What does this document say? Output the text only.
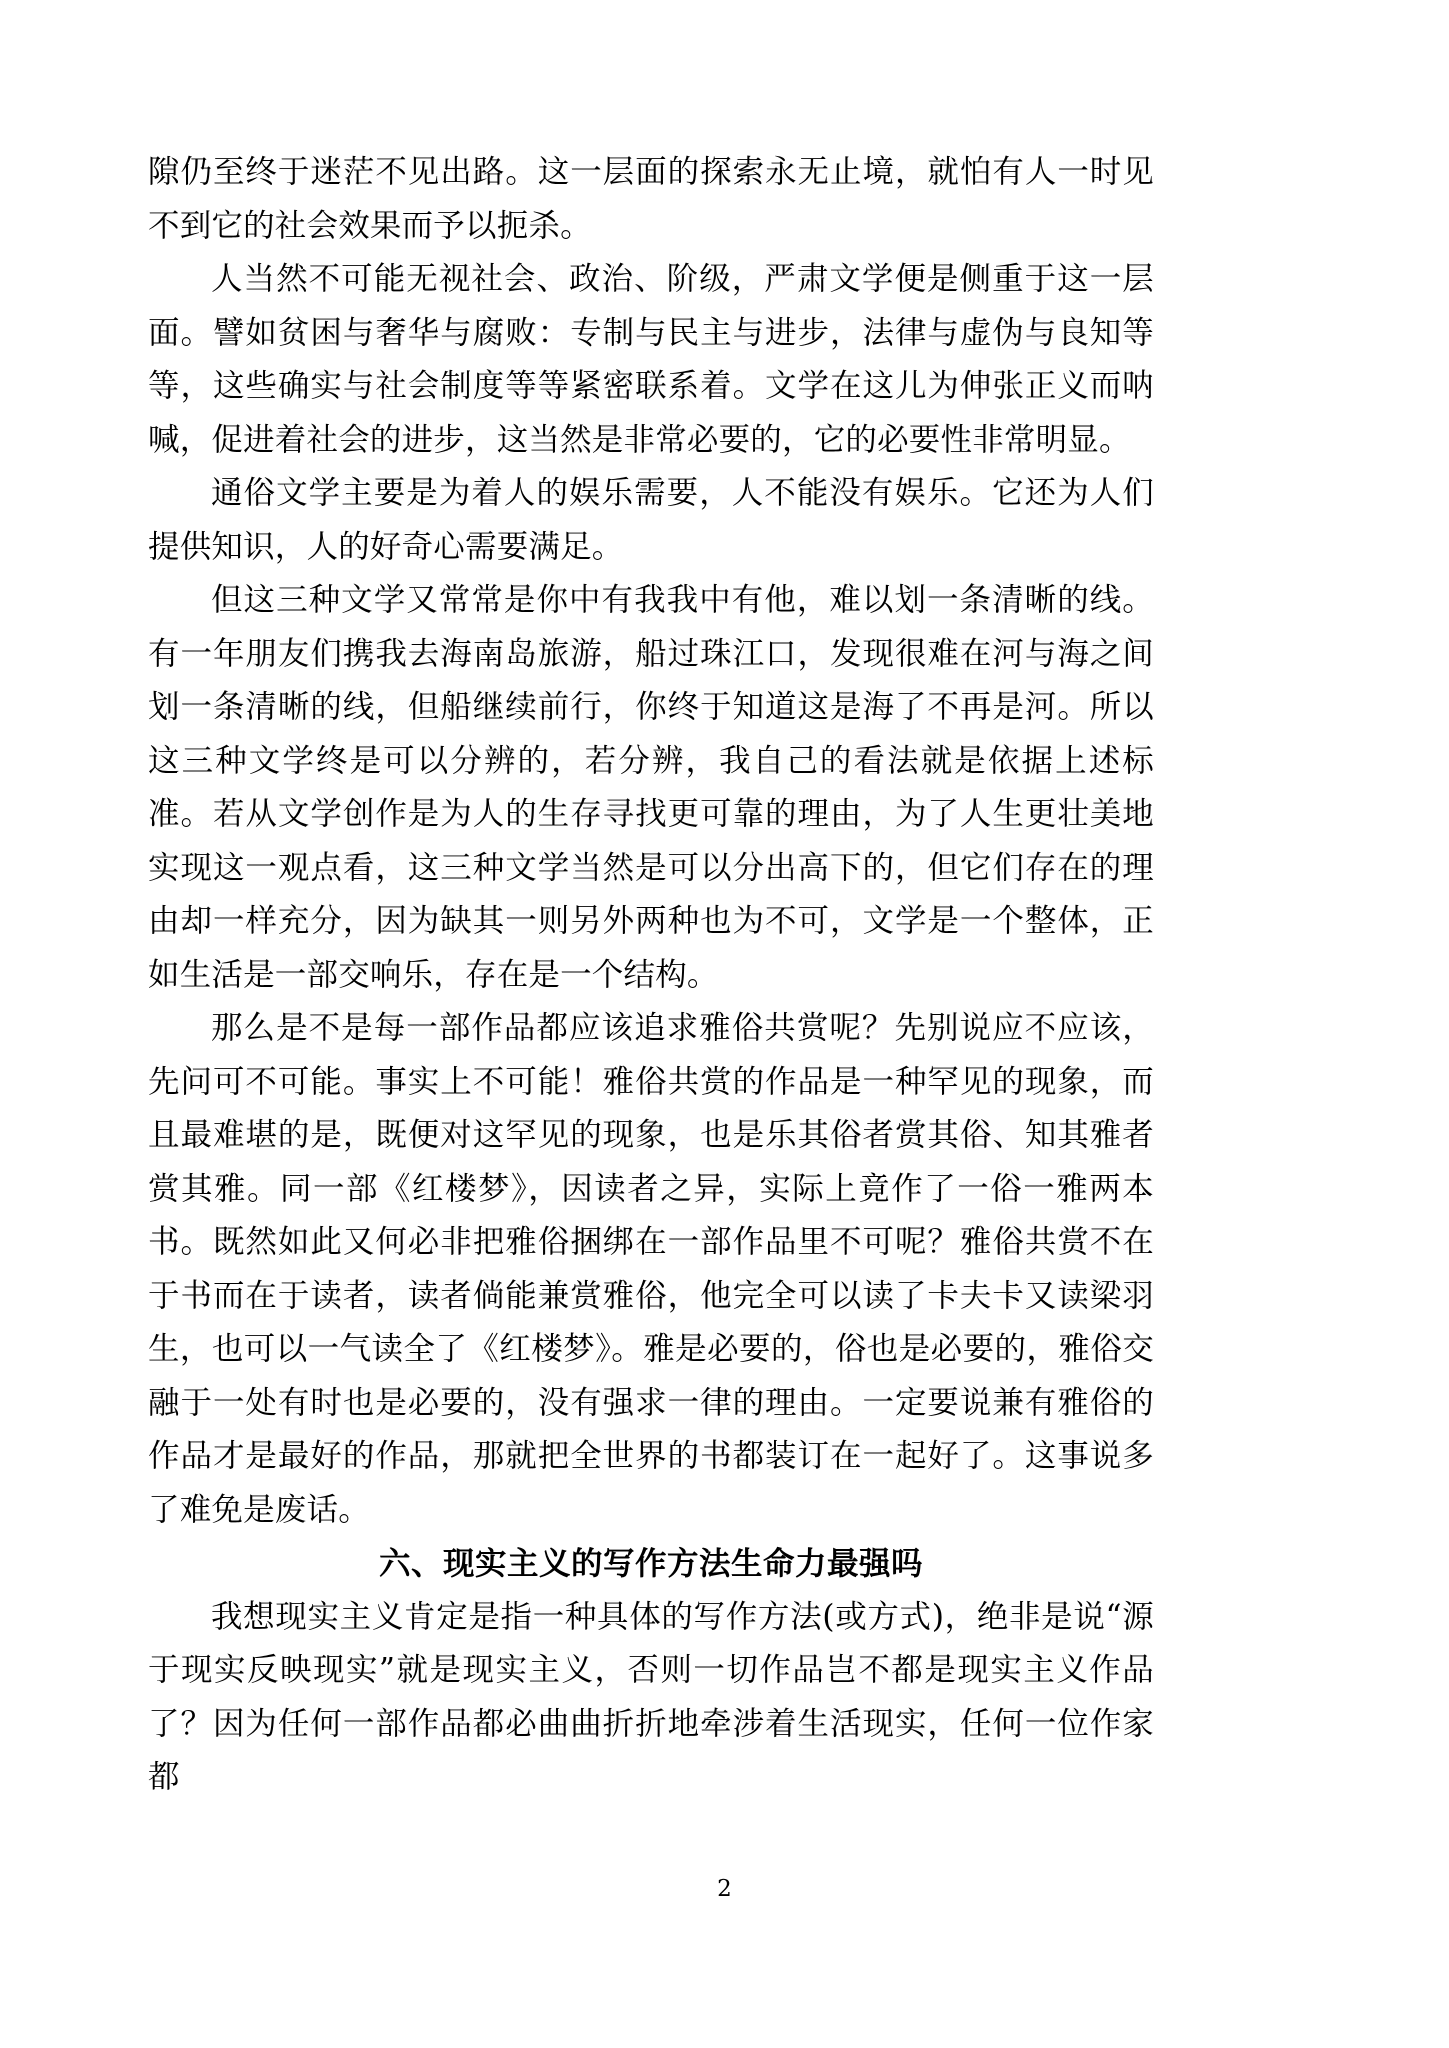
隙仍至终于迷茫不见出路。这一层面的探索永无止境，就怕有人一时见不到它的社会效果而予以扼杀。

人当然不可能无视社会、政治、阶级，严肃文学便是侧重于这一层面。譬如贫困与奢华与腐败：专制与民主与进步，法律与虚伪与良知等等，这些确实与社会制度等等紧密联系着。文学在这儿为伸张正义而呐喊，促进着社会的进步，这当然是非常必要的，它的必要性非常明显。

通俗文学主要是为着人的娱乐需要，人不能没有娱乐。它还为人们提供知识，人的好奇心需要满足。

但这三种文学又常常是你中有我我中有他，难以划一条清晰的线。有一年朋友们携我去海南岛旅游，船过珠江口，发现很难在河与海之间划一条清晰的线，但船继续前行，你终于知道这是海了不再是河。所以这三种文学终是可以分辨的，若分辨，我自己的看法就是依据上述标准。若从文学创作是为人的生存寻找更可靠的理由，为了人生更壮美地实现这一观点看，这三种文学当然是可以分出高下的，但它们存在的理由却一样充分，因为缺其一则另外两种也为不可，文学是一个整体，正如生活是一部交响乐，存在是一个结构。

那么是不是每一部作品都应该追求雅俗共赏呢？先别说应不应该，先问可不可能。事实上不可能！雅俗共赏的作品是一种罕见的现象，而且最难堪的是，既便对这罕见的现象，也是乐其俗者赏其俗、知其雅者赏其雅。同一部《红楼梦》，因读者之异，实际上竟作了一俗一雅两本书。既然如此又何必非把雅俗捆绑在一部作品里不可呢？雅俗共赏不在于书而在于读者，读者倘能兼赏雅俗，他完全可以读了卡夫卡又读梁羽生，也可以一气读全了《红楼梦》。雅是必要的，俗也是必要的，雅俗交融于一处有时也是必要的，没有强求一律的理由。一定要说兼有雅俗的作品才是最好的作品，那就把全世界的书都装订在一起好了。这事说多了难免是废话。

六、现实主义的写作方法生命力最强吗

我想现实主义肯定是指一种具体的写作方法(或方式)，绝非是说“源于现实反映现实”就是现实主义，否则一切作品岂不都是现实主义作品了？因为任何一部作品都必曲曲折折地牵涉着生活现实，任何一位作家都

2
